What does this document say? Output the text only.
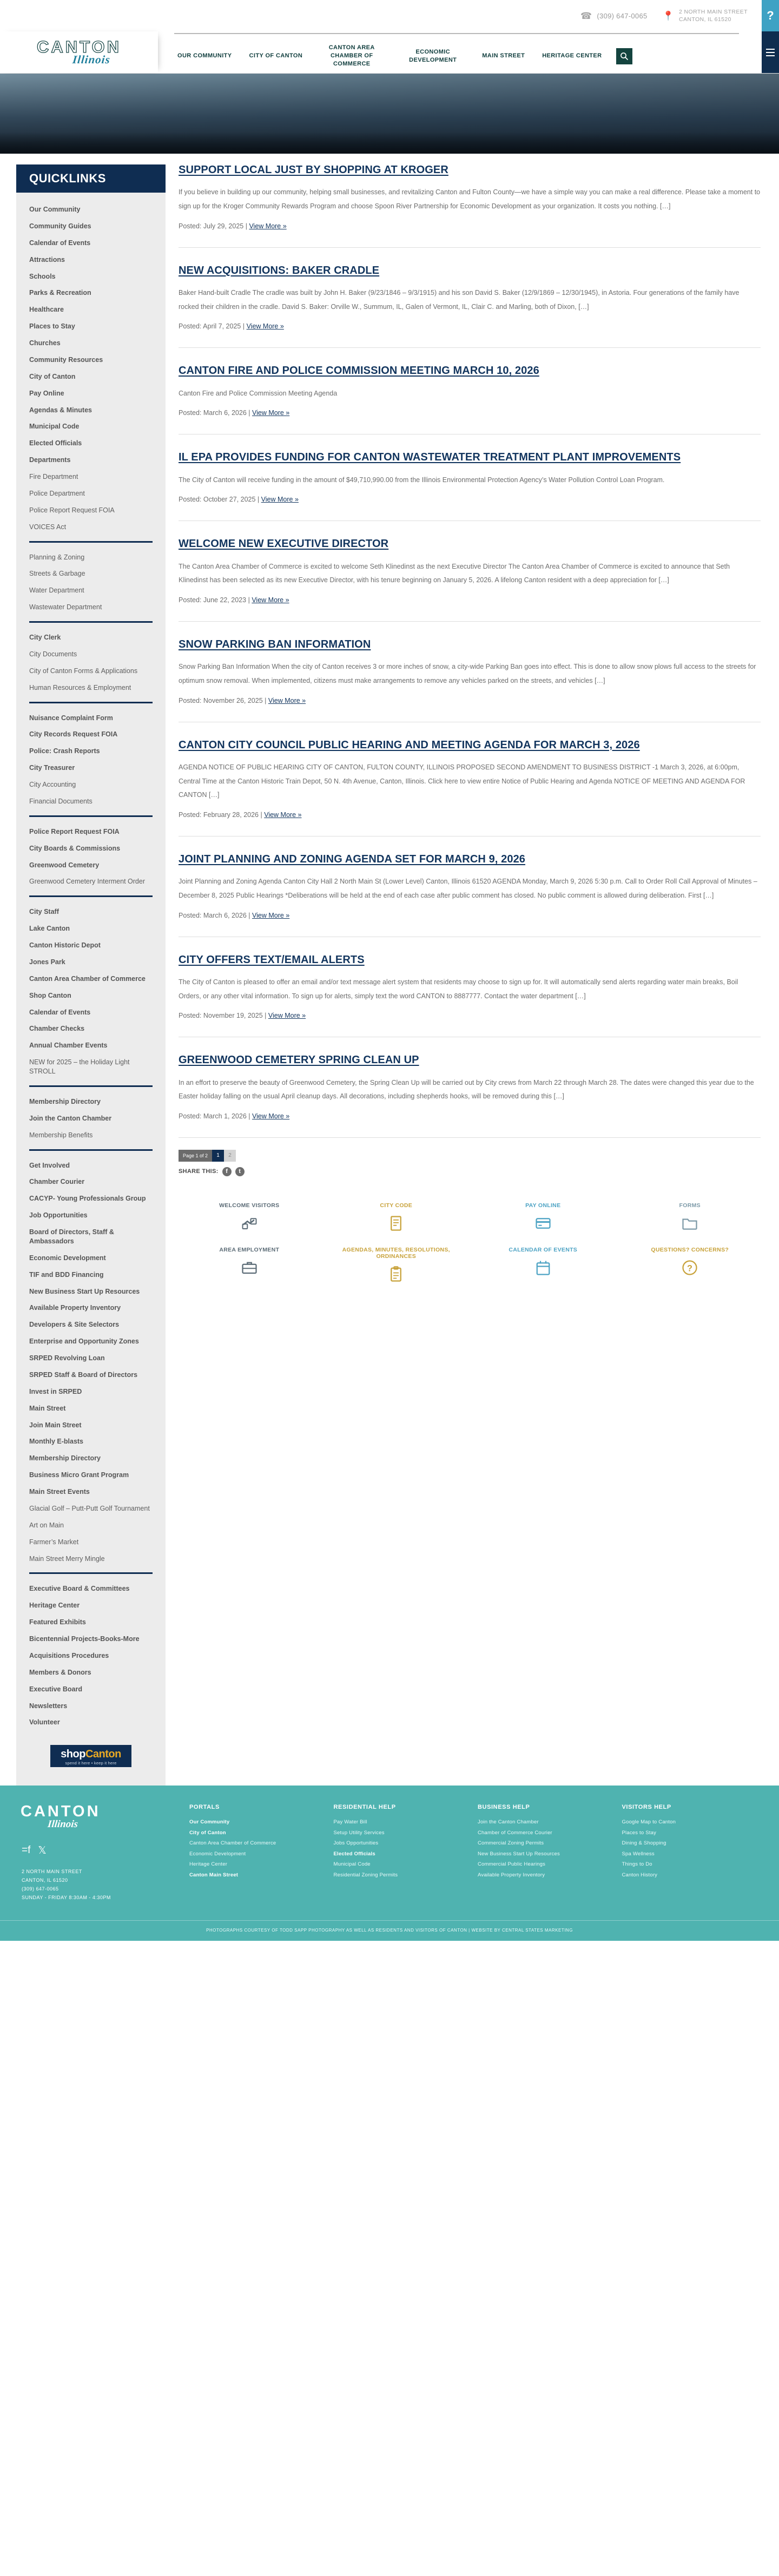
☎ (309) 647-0065 📍 2 NORTH MAIN STREET
CANTON, IL 61520	?
CANTON
Illinois	OUR COMMUNITY	CITY OF CANTON
CANTON AREA CHAMBER OF COMMERCE
ECONOMIC DEVELOPMENT
MAIN STREET	HERITAGE CENTER
QUICKLINKS
Our Community
Community Guides
Calendar of Events
Attractions
Schools
Parks & Recreation
Healthcare
Places to Stay
Churches
Community Resources
City of Canton
Pay Online
Agendas & Minutes
Municipal Code
Elected Officials
Departments
Fire Department
Police Department
Police Report Request FOIA
VOICES Act
Planning & Zoning
Streets & Garbage
Water Department
Wastewater Department
City Clerk
City Documents
City of Canton Forms & Applications
Human Resources & Employment
Nuisance Complaint Form
City Records Request FOIA
Police: Crash Reports
City Treasurer
City Accounting
Financial Documents
Police Report Request FOIA
City Boards & Commissions
Greenwood Cemetery
Greenwood Cemetery Interment Order
City Staff
Lake Canton
Canton Historic Depot
Jones Park
Canton Area Chamber of Commerce
Shop Canton
Calendar of Events
Chamber Checks
Annual Chamber Events
NEW for 2025 – the Holiday Light STROLL
Membership Directory
Join the Canton Chamber
Membership Benefits
Get Involved
Chamber Courier
CACYP- Young Professionals Group
Job Opportunities
Board of Directors, Staff & Ambassadors
Economic Development
TIF and BDD Financing
New Business Start Up Resources
Available Property Inventory
Developers & Site Selectors
Enterprise and Opportunity Zones
SRPED Revolving Loan
SRPED Staff & Board of Directors
Invest in SRPED
Main Street
Join Main Street
Monthly E-blasts
Membership Directory
Business Micro Grant Program
Main Street Events
Glacial Golf – Putt-Putt Golf Tournament
Art on Main
Farmer’s Market
Main Street Merry Mingle
Executive Board & Committees
Heritage Center
Featured Exhibits
Bicentennial Projects-Books-More
Acquisitions Procedures
Members & Donors
Executive Board
Newsletters
Volunteer
shopCanton
spend it here • keep it here
SUPPORT LOCAL JUST BY SHOPPING AT KROGER
If you believe in building up our community, helping small businesses, and revitalizing Canton and Fulton County—we have a simple way you can make a real difference. Please take a moment to sign up for the Kroger Community Rewards Program and choose Spoon River Partnership for Economic Development as your organization. It costs you nothing. […]
Posted: July 29, 2025 | View More »
NEW ACQUISITIONS: BAKER CRADLE
Baker Hand-built Cradle The cradle was built by John H. Baker (9/23/1846 – 9/3/1915) and his son David S. Baker (12/9/1869 – 12/30/1945), in Astoria. Four generations of the family have rocked their children in the cradle. David S. Baker: Orville W., Summum, IL, Galen of Vermont, IL, Clair C. and Marling, both of Dixon, […]
Posted: April 7, 2025 | View More »
CANTON FIRE AND POLICE COMMISSION MEETING MARCH 10, 2026
Canton Fire and Police Commission Meeting Agenda
Posted: March 6, 2026 | View More »
IL EPA PROVIDES FUNDING FOR CANTON WASTEWATER TREATMENT PLANT IMPROVEMENTS
The City of Canton will receive funding in the amount of $49,710,990.00 from the Illinois Environmental Protection Agency’s Water Pollution Control Loan Program.
Posted: October 27, 2025 | View More »
WELCOME NEW EXECUTIVE DIRECTOR
The Canton Area Chamber of Commerce is excited to welcome Seth Klinedinst as the next Executive Director The Canton Area Chamber of Commerce is excited to announce that Seth Klinedinst has been selected as its new Executive Director, with his tenure beginning on January 5, 2026. A lifelong Canton resident with a deep appreciation for […]
Posted: June 22, 2023 | View More »
SNOW PARKING BAN INFORMATION
Snow Parking Ban Information When the city of Canton receives 3 or more inches of snow, a city-wide Parking Ban goes into effect. This is done to allow snow plows full access to the streets for optimum snow removal. When implemented, citizens must make arrangements to remove any vehicles parked on the streets, and vehicles […]
Posted: November 26, 2025 | View More »
CANTON CITY COUNCIL PUBLIC HEARING AND MEETING AGENDA FOR MARCH 3, 2026
AGENDA NOTICE OF PUBLIC HEARING CITY OF CANTON, FULTON COUNTY, ILLINOIS PROPOSED SECOND AMENDMENT TO BUSINESS DISTRICT -1 March 3, 2026, at 6:00pm, Central Time at the Canton Historic Train Depot, 50 N. 4th Avenue, Canton, Illinois. Click here to view entire Notice of Public Hearing and Agenda NOTICE OF MEETING AND AGENDA FOR CANTON […]
Posted: February 28, 2026 | View More »
JOINT PLANNING AND ZONING AGENDA SET FOR MARCH 9, 2026
Joint Planning and Zoning Agenda Canton City Hall 2 North Main St (Lower Level) Canton, Illinois 61520 AGENDA Monday, March 9, 2026 5:30 p.m. Call to Order Roll Call Approval of Minutes –December 8, 2025 Public Hearings *Deliberations will be held at the end of each case after public comment has closed. No public comment is allowed during deliberation. First […]
Posted: March 6, 2026 | View More »
CITY OFFERS TEXT/EMAIL ALERTS
The City of Canton is pleased to offer an email and/or text message alert system that residents may choose to sign up for. It will automatically send alerts regarding water main breaks, Boil Orders, or any other vital information. To sign up for alerts, simply text the word CANTON to 8887777. Contact the water department […]
Posted: November 19, 2025 | View More »
GREENWOOD CEMETERY SPRING CLEAN UP
In an effort to preserve the beauty of Greenwood Cemetery, the Spring Clean Up will be carried out by City crews from March 22 through March 28. The dates were changed this year due to the Easter holiday falling on the usual April cleanup days. All decorations, including shepherds hooks, will be removed during this […]
Posted: March 1, 2026 | View More »
Page 1 of 2	1	2
SHARE THIS:	f	t
WELCOME VISITORS	CITY CODE	PAY ONLINE	FORMS
AREA EMPLOYMENT	AGENDAS, MINUTES, RESOLUTIONS, ORDINANCES
CALENDAR OF EVENTS	QUESTIONS? CONCERNS?
?
CANTON
Illinois
=f 𝕏
2 NORTH MAIN STREET
CANTON, IL 61520
(309) 647-0065
SUNDAY - FRIDAY 8:30AM - 4:30PM
PORTALS
Our Community
City of Canton
Canton Area Chamber of Commerce
Economic Development
Heritage Center
Canton Main Street
RESIDENTIAL HELP
Pay Water Bill
Setup Utility Services
Jobs Opportunities
Elected Officials
Municipal Code
Residential Zoning Permits
BUSINESS HELP
Join the Canton Chamber
Chamber of Commerce Courier
Commercial Zoning Permits
New Business Start Up Resources
Commercial Public Hearings
Available Property Inventory
VISITORS HELP
Google Map to Canton
Places to Stay
Dining & Shopping
Spa Wellness
Things to Do
Canton History
PHOTOGRAPHS COURTESY OF TODD SAPP PHOTOGRAPHY AS WELL AS RESIDENTS AND VISITORS OF CANTON | WEBSITE BY CENTRAL STATES MARKETING
